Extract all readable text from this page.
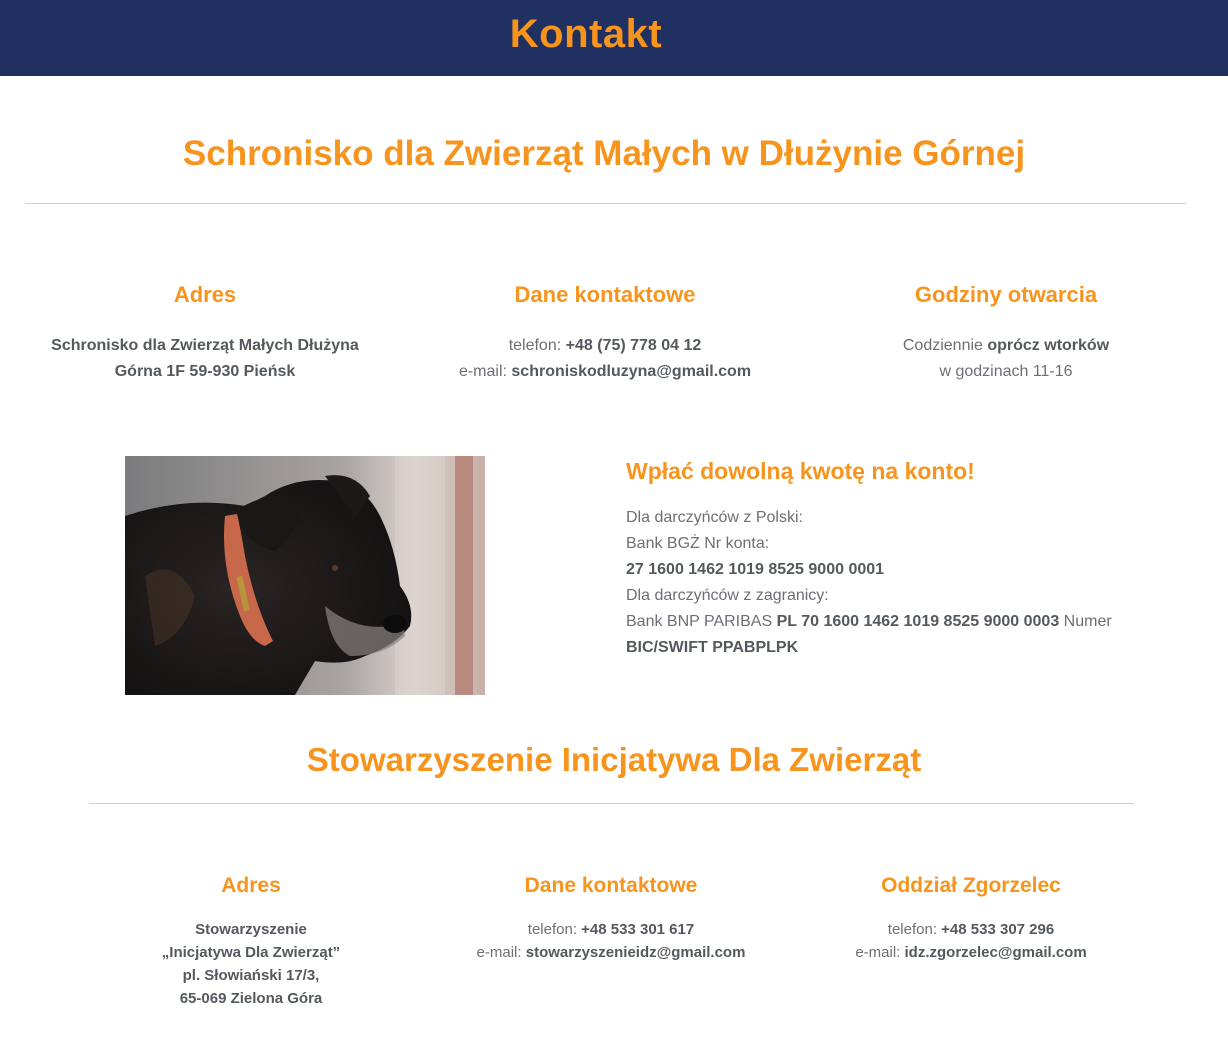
Kontakt
Schronisko dla Zwierząt Małych w Dłużynie Górnej
Adres
Schronisko dla Zwierząt Małych Dłużyna
Górna 1F 59-930 Pieńsk
Dane kontaktowe
telefon: +48 (75) 778 04 12
e-mail: schroniskodluzyna@gmail.com
Godziny otwarcia
Codziennie oprócz wtorków
w godzinach 11-16
Wpłać dowolną kwotę na konto!
Dla darczyńców z Polski:
Bank BGŻ Nr konta:
27 1600 1462 1019 8525 9000 0001
Dla darczyńców z zagranicy:
Bank BNP PARIBAS PL 70 1600 1462 1019 8525 9000 0003 Numer
BIC/SWIFT PPABPLPK
Stowarzyszenie Inicjatywa Dla Zwierząt
Adres
Stowarzyszenie
„Inicjatywa Dla Zwierząt”
pl. Słowiański 17/3,
65-069 Zielona Góra
Dane kontaktowe
telefon: +48 533 301 617
e-mail: stowarzyszenieidz@gmail.com
Oddział Zgorzelec
telefon: +48 533 307 296
e-mail: idz.zgorzelec@gmail.com
